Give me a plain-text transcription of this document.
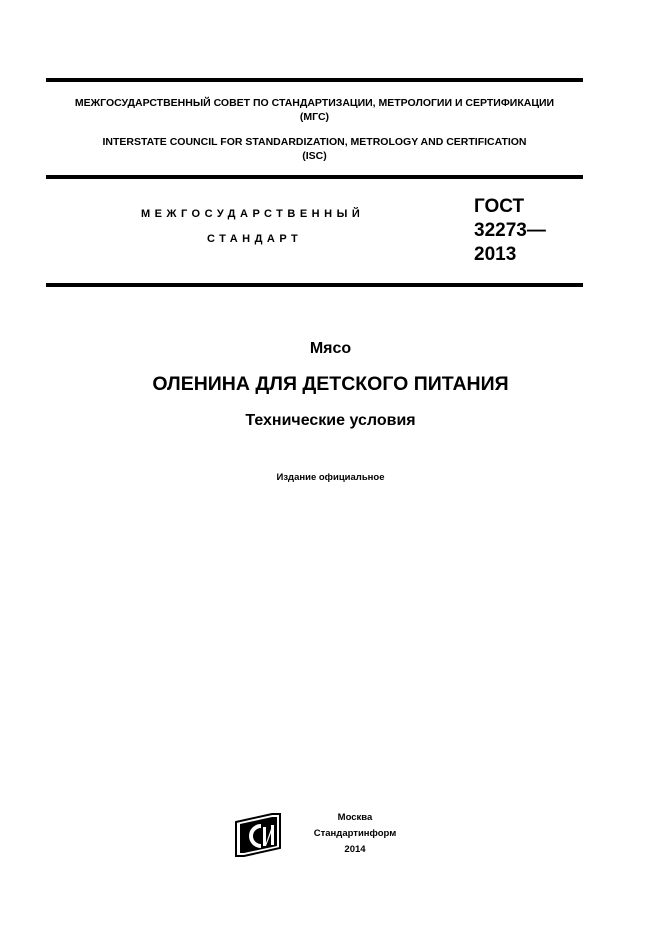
МЕЖГОСУДАРСТВЕННЫЙ СОВЕТ ПО СТАНДАРТИЗАЦИИ, МЕТРОЛОГИИ И СЕРТИФИКАЦИИ
(МГС)
INTERSTATE COUNCIL FOR STANDARDIZATION, METROLOGY AND CERTIFICATION
(ISC)
МЕЖГОСУДАРСТВЕННЫЙ
СТАНДАРТ
ГОСТ
32273—
2013
Мясо
ОЛЕНИНА ДЛЯ ДЕТСКОГО ПИТАНИЯ
Технические условия
Издание официальное
Москва
Стандартинформ
2014
